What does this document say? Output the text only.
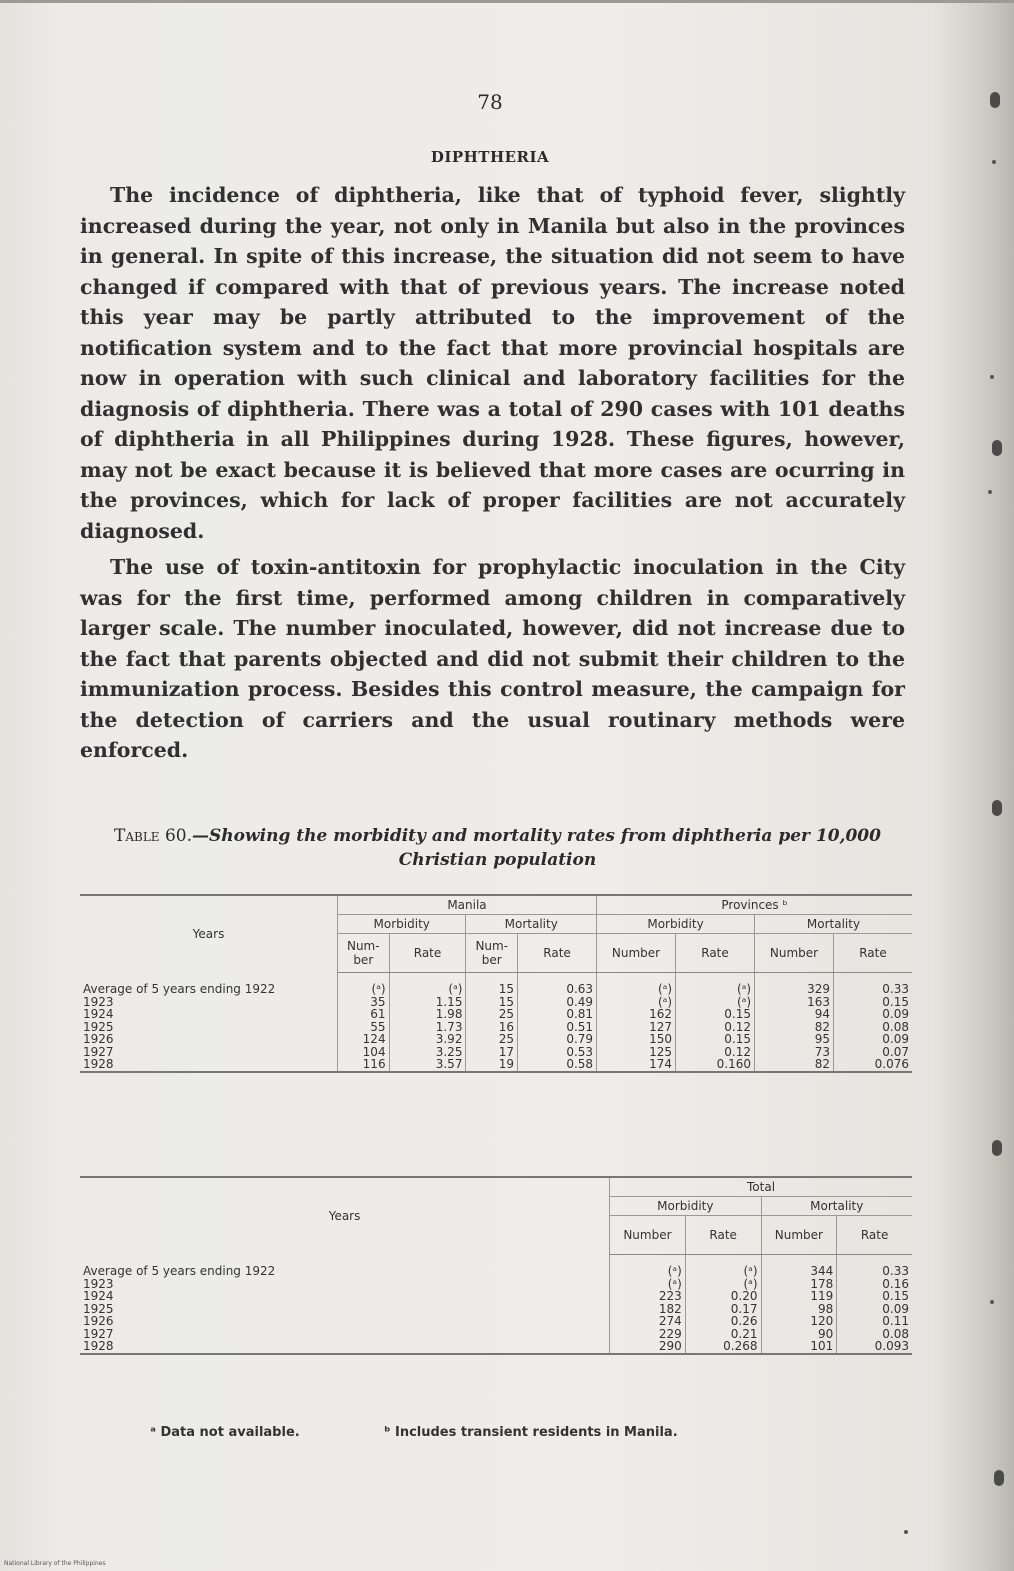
78
DIPHTHERIA

The incidence of diphtheria, like that of typhoid fever, slightly increased during the year, not only in Manila but also in the provinces in general. In spite of this increase, the situation did not seem to have changed if compared with that of previous years. The increase noted this year may be partly attributed to the improvement of the notification system and to the fact that more provincial hospitals are now in operation with such clinical and laboratory facilities for the diagnosis of diphtheria. There was a total of 290 cases with 101 deaths of diphtheria in all Philippines during 1928. These figures, however, may not be exact because it is believed that more cases are ocurring in the provinces, which for lack of proper facilities are not accurately diagnosed.

The use of toxin-antitoxin for prophylactic inoculation in the City was for the first time, performed among children in comparatively larger scale. The number inoculated, however, did not increase due to the fact that parents objected and did not submit their children to the immunization process. Besides this control measure, the campaign for the detection of carriers and the usual routinary methods were enforced.

Table 60.—Showing the morbidity and mortality rates from diphtheria per 10,000 Christian population
Years	Manila				Provinces ᵇ			
	Morbidity		Mortality		Morbidity		Mortality	
	Num-ber	Rate	Num-ber	Rate	Number	Rate	Number	Rate
Average of 5 years ending 1922	(ᵃ)	(ᵃ)	15	0.63	(ᵃ)	(ᵃ)	329	0.33
1923	35	1.15	15	0.49	(ᵃ)	(ᵃ)	163	0.15
1924	61	1.98	25	0.81	162	0.15	94	0.09
1925	55	1.73	16	0.51	127	0.12	82	0.08
1926	124	3.92	25	0.79	150	0.15	95	0.09
1927	104	3.25	17	0.53	125	0.12	73	0.07
1928	116	3.57	19	0.58	174	0.160	82	0.076
Years	Total			
	Morbidity		Mortality	
	Number	Rate	Number	Rate
Average of 5 years ending 1922	(ᵃ)	(ᵃ)	344	0.33
1923	(ᵃ)	(ᵃ)	178	0.16
1924	223	0.20	119	0.15
1925	182	0.17	98	0.09
1926	274	0.26	120	0.11
1927	229	0.21	90	0.08
1928	290	0.268	101	0.093
ᵃ Data not available.	ᵇ Includes transient residents in Manila.
National Library of the Philippines
